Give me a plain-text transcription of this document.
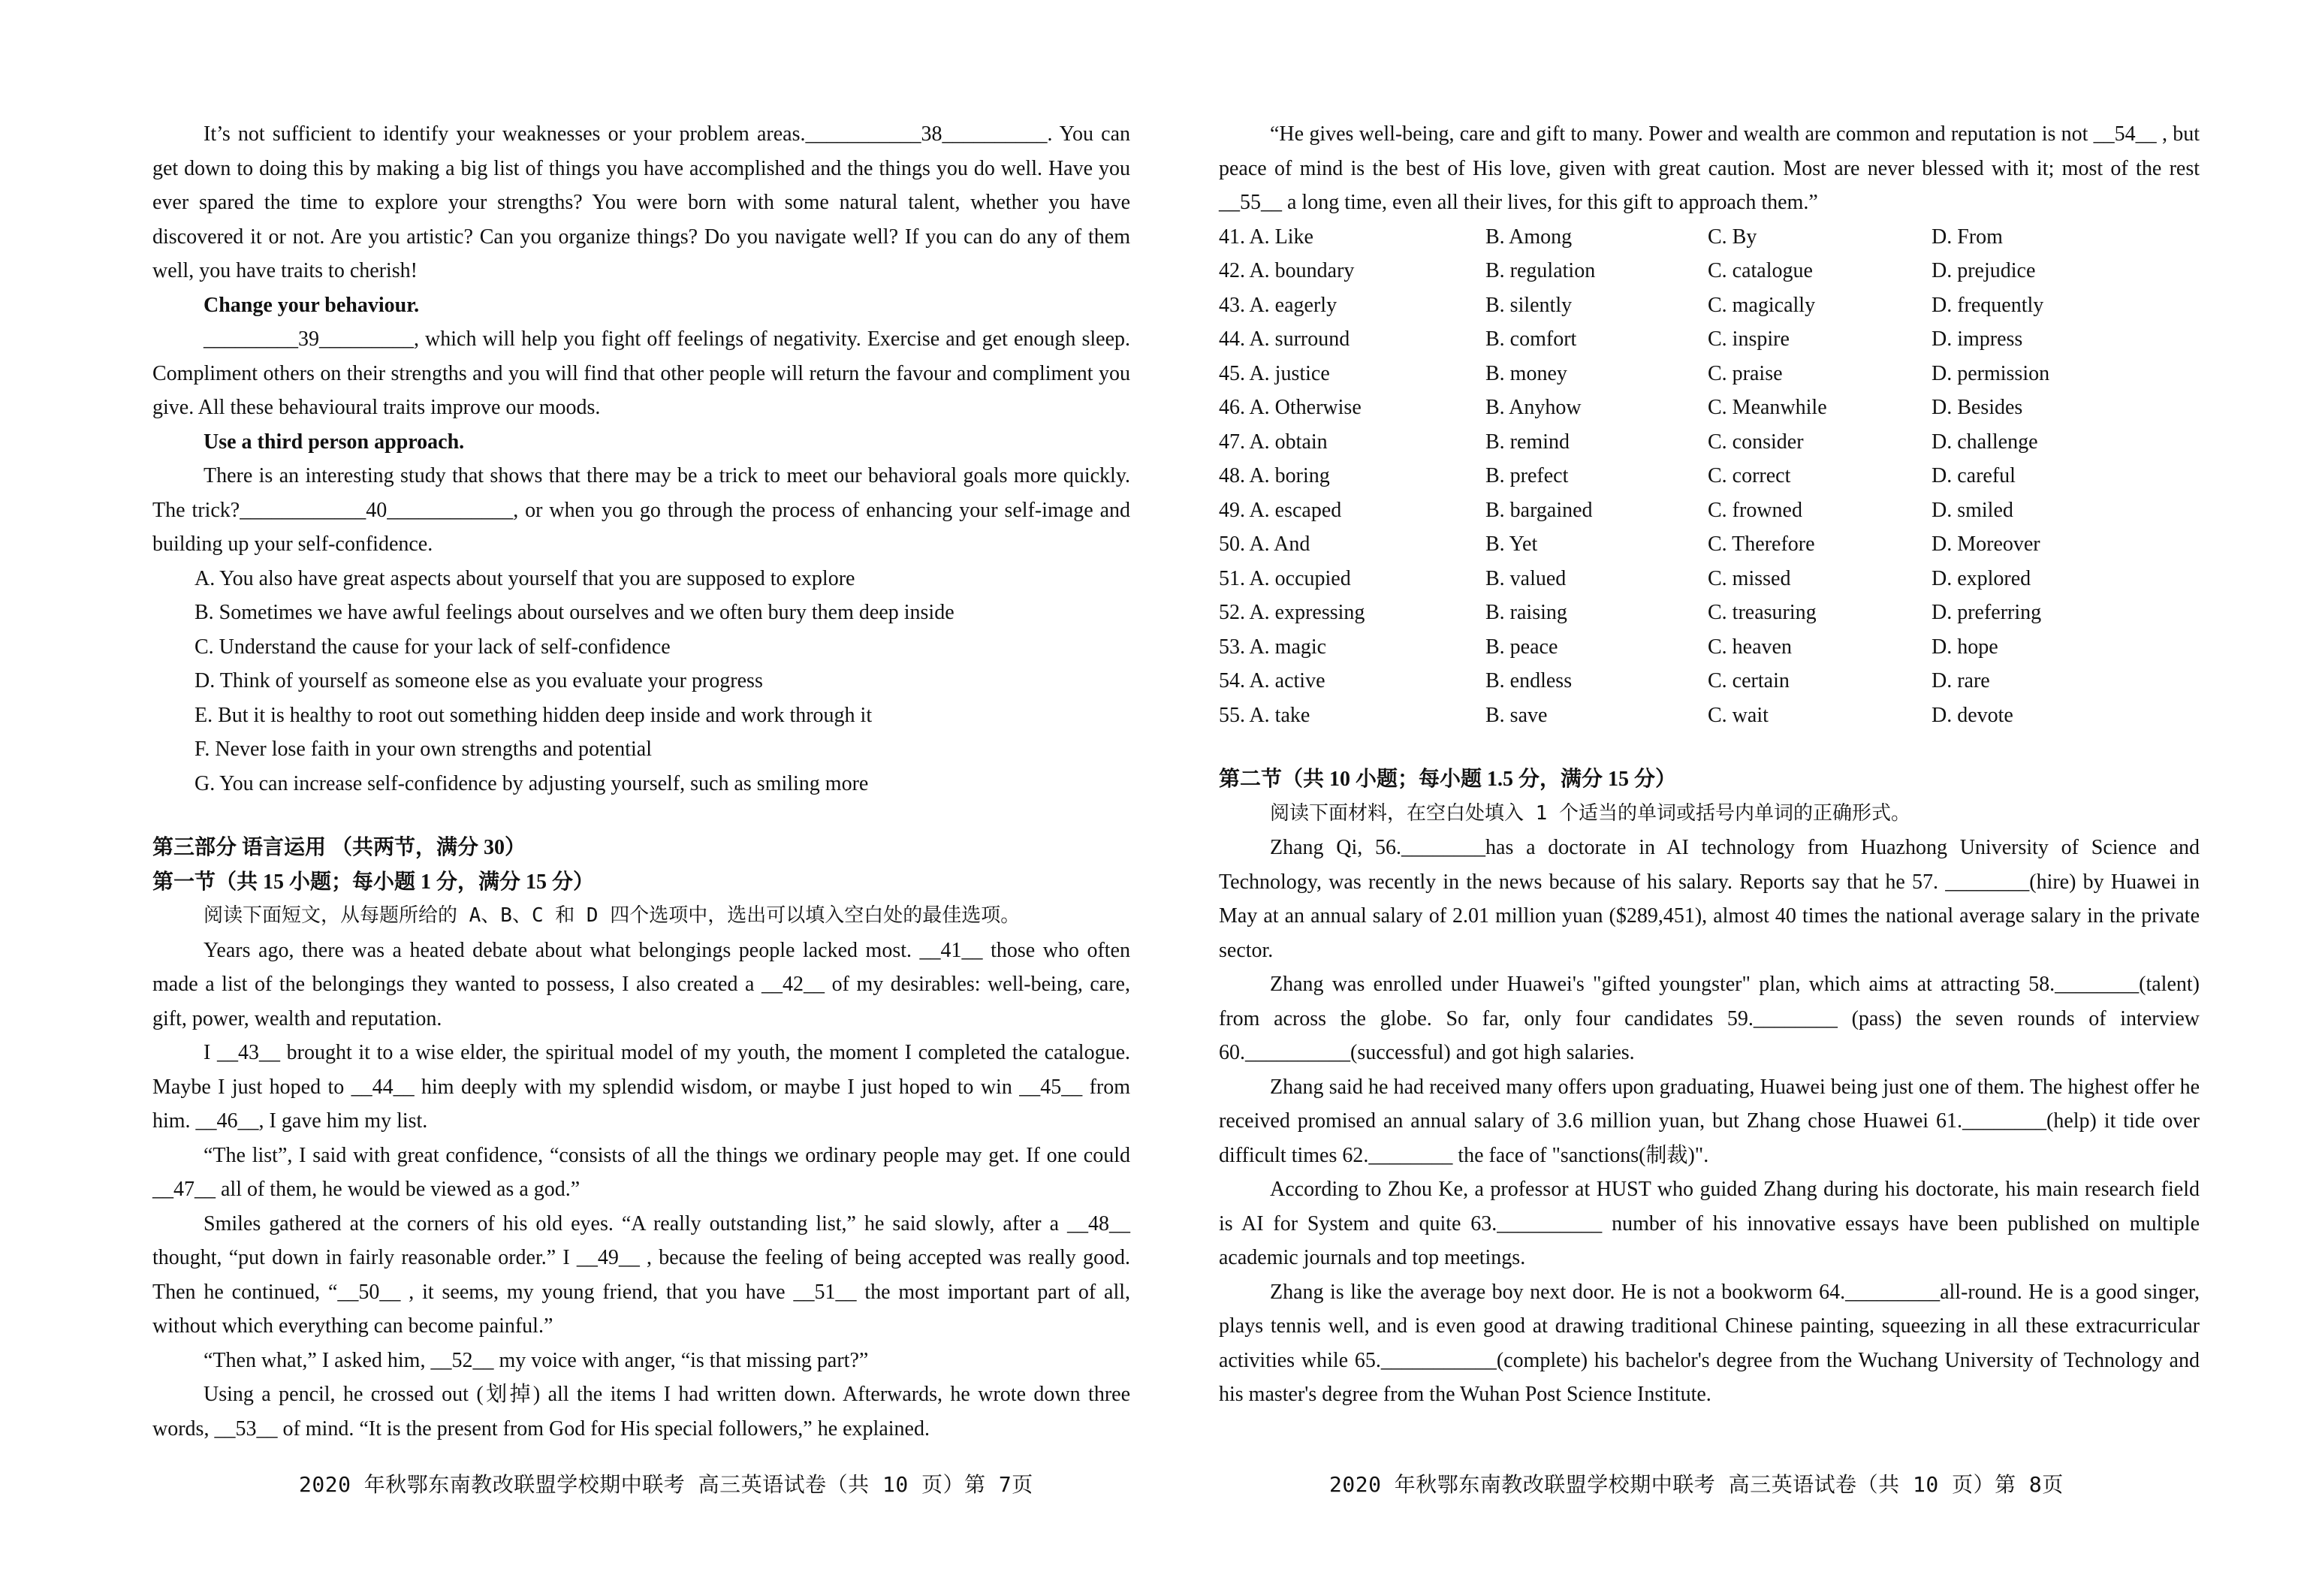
It’s not sufficient to identify your weaknesses or your problem areas.___________38__________. You can get down to doing this by making a big list of things you have accomplished and the things you do well. Have you ever spared the time to explore your strengths? You were born with some natural talent, whether you have discovered it or not. Are you artistic? Can you organize things? Do you navigate well? If you can do any of them well, you have traits to cherish!

Change your behaviour.

_________39_________, which will help you fight off feelings of negativity. Exercise and get enough sleep. Compliment others on their strengths and you will find that other people will return the favour and compliment you give. All these behavioural traits improve our moods.

Use a third person approach.

There is an interesting study that shows that there may be a trick to meet our behavioral goals more quickly. The trick?____________40____________, or when you go through the process of enhancing your self-image and building up your self-confidence.

A. You also have great aspects about yourself that you are supposed to explore

B. Sometimes we have awful feelings about ourselves and we often bury them deep inside

C. Understand the cause for your lack of self-confidence

D. Think of yourself as someone else as you evaluate your progress

E. But it is healthy to root out something hidden deep inside and work through it

F. Never lose faith in your own strengths and potential

G. You can increase self-confidence by adjusting yourself, such as smiling more

第三部分 语言运用 （共两节，满分 30）

第一节（共 15 小题；每小题 1 分，满分 15 分）

阅读下面短文，从每题所给的 A、B、C 和 D 四个选项中，选出可以填入空白处的最佳选项。

Years ago, there was a heated debate about what belongings people lacked most. __41__ those who often made a list of the belongings they wanted to possess, I also created a __42__ of my desirables: well-being, care, gift, power, wealth and reputation.

I __43__ brought it to a wise elder, the spiritual model of my youth, the moment I completed the catalogue. Maybe I just hoped to __44__ him deeply with my splendid wisdom, or maybe I just hoped to win __45__ from him. __46__, I gave him my list.

“The list”, I said with great confidence, “consists of all the things we ordinary people may get. If one could __47__ all of them, he would be viewed as a god.”

Smiles gathered at the corners of his old eyes. “A really outstanding list,” he said slowly, after a __48__ thought, “put down in fairly reasonable order.” I __49__ , because the feeling of being accepted was really good. Then he continued, “__50__ , it seems, my young friend, that you have __51__ the most important part of all, without which everything can become painful.”

“Then what,” I asked him, __52__ my voice with anger, “is that missing part?”

Using a pencil, he crossed out (划掉) all the items I had written down. Afterwards, he wrote down three words, __53__ of mind. “It is the present from God for His special followers,” he explained.

“He gives well-being, care and gift to many. Power and wealth are common and reputation is not __54__ , but peace of mind is the best of His love, given with great caution. Most are never blessed with it; most of the rest __55__ a long time, even all their lives, for this gift to approach them.”

41. A. Like	B. Among	C. By	D. From
42. A. boundary	B. regulation	C. catalogue	D. prejudice
43. A. eagerly	B. silently	C. magically	D. frequently
44. A. surround	B. comfort	C. inspire	D. impress
45. A. justice	B. money	C. praise	D. permission
46. A. Otherwise	B. Anyhow	C. Meanwhile	D. Besides
47. A. obtain	B. remind	C. consider	D. challenge
48. A. boring	B. prefect	C. correct	D. careful
49. A. escaped	B. bargained	C. frowned	D. smiled
50. A. And	B. Yet	C. Therefore	D. Moreover
51. A. occupied	B. valued	C. missed	D. explored
52. A. expressing	B. raising	C. treasuring	D. preferring
53. A. magic	B. peace	C. heaven	D. hope
54. A. active	B. endless	C. certain	D. rare
55. A. take	B. save	C. wait	D. devote

第二节（共 10 小题；每小题 1.5 分，满分 15 分）

阅读下面材料，在空白处填入 1 个适当的单词或括号内单词的正确形式。

Zhang Qi, 56.________has a doctorate in AI technology from Huazhong University of Science and Technology, was recently in the news because of his salary. Reports say that he 57. ________(hire) by Huawei in May at an annual salary of 2.01 million yuan ($289,451), almost 40 times the national average salary in the private sector.

Zhang was enrolled under Huawei's "gifted youngster" plan, which aims at attracting 58.________(talent) from across the globe. So far, only four candidates 59.________ (pass) the seven rounds of interview 60.__________(successful) and got high salaries.

Zhang said he had received many offers upon graduating, Huawei being just one of them. The highest offer he received promised an annual salary of 3.6 million yuan, but Zhang chose Huawei 61.________(help) it tide over difficult times 62.________ the face of "sanctions(制裁)".

According to Zhou Ke, a professor at HUST who guided Zhang during his doctorate, his main research field is AI for System and quite 63.__________ number of his innovative essays have been published on multiple academic journals and top meetings.

Zhang is like the average boy next door. He is not a bookworm 64._________all-round. He is a good singer, plays tennis well, and is even good at drawing traditional Chinese painting, squeezing in all these extracurricular activities while 65.___________(complete) his bachelor's degree from the Wuchang University of Technology and his master's degree from the Wuhan Post Science Institute.

2020 年秋鄂东南教改联盟学校期中联考 高三英语试卷（共 10 页）第 7页	2020 年秋鄂东南教改联盟学校期中联考 高三英语试卷（共 10 页）第 8页
